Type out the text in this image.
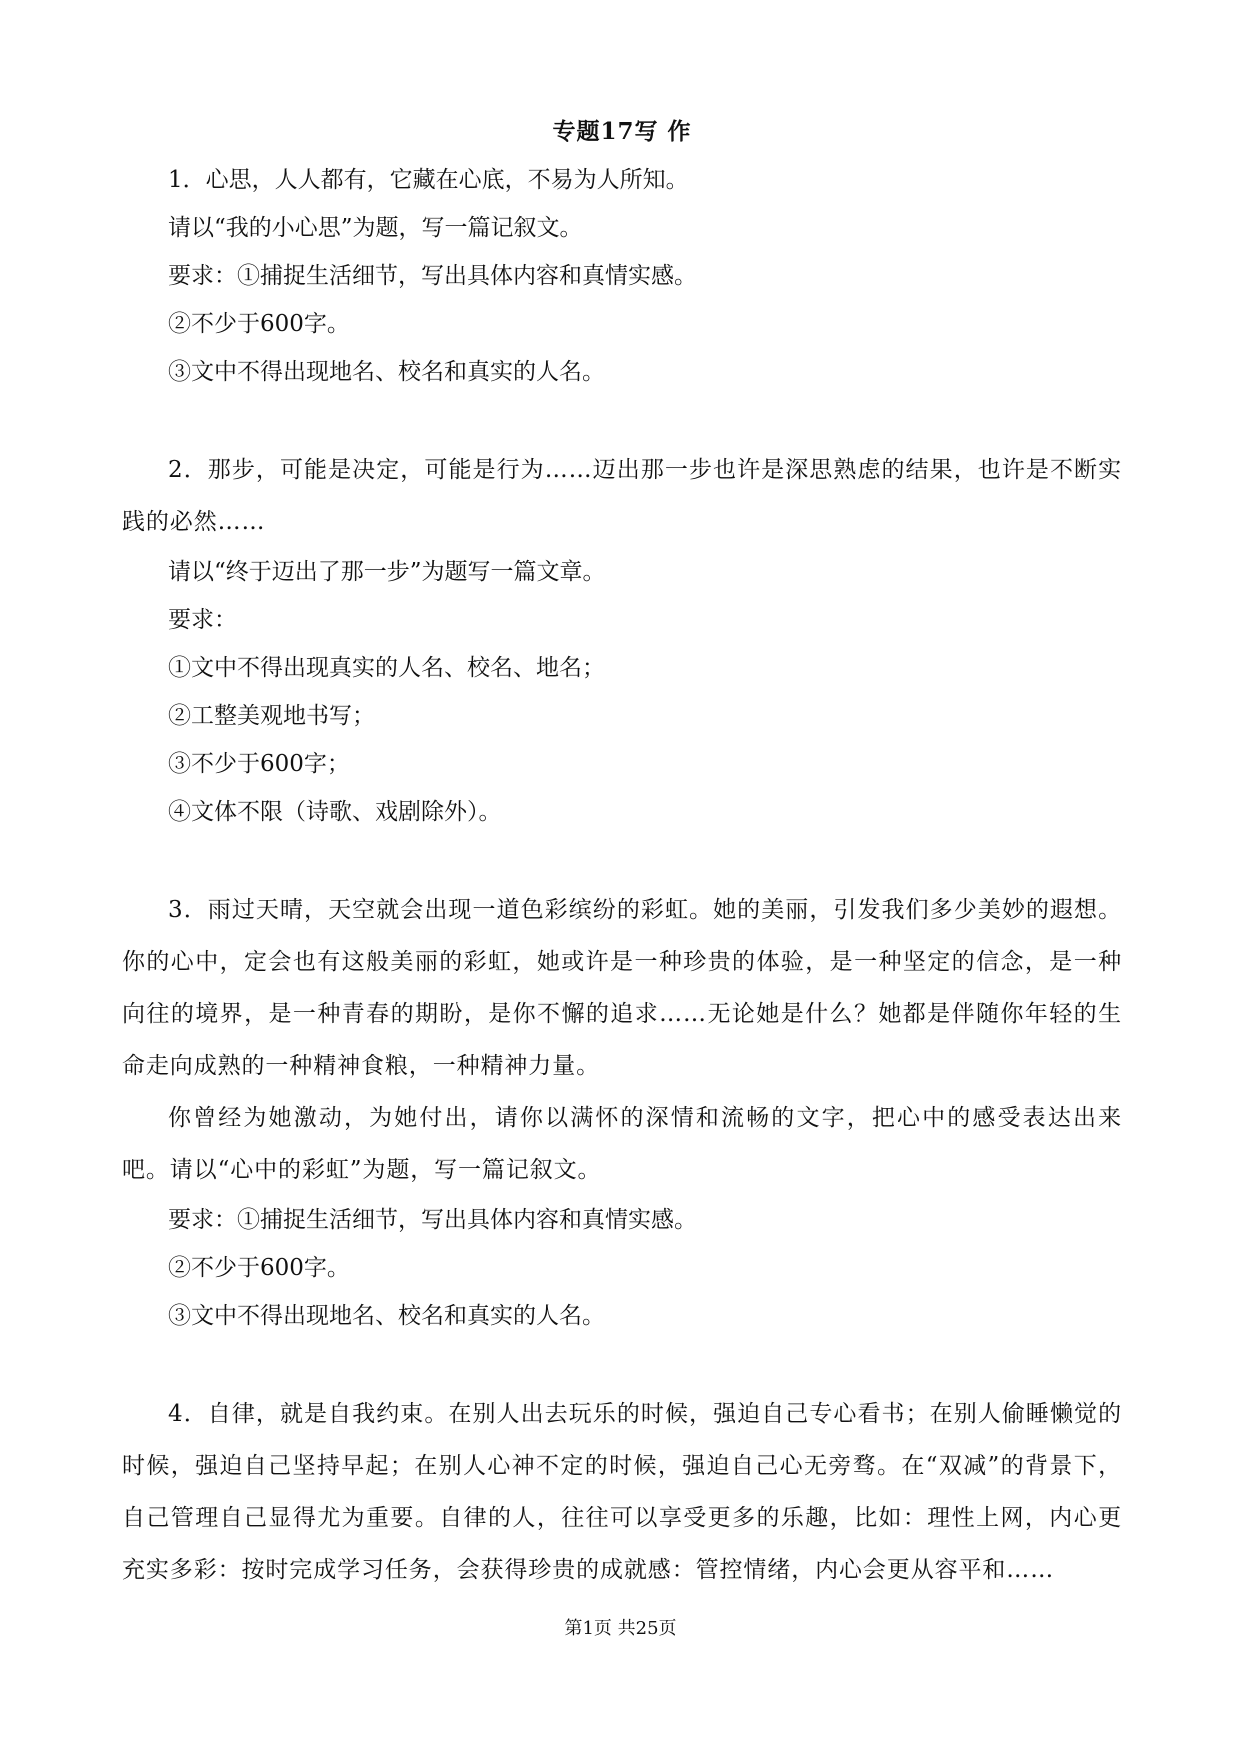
专题17写 作

1．心思，人人都有，它藏在心底，不易为人所知。

请以“我的小心思”为题，写一篇记叙文。

要求：①捕捉生活细节，写出具体内容和真情实感。

②不少于600字。

③文中不得出现地名、校名和真实的人名。

2．那步，可能是决定，可能是行为……迈出那一步也许是深思熟虑的结果，也许是不断实践的必然……

请以“终于迈出了那一步”为题写一篇文章。

要求：

①文中不得出现真实的人名、校名、地名；

②工整美观地书写；

③不少于600字；

④文体不限（诗歌、戏剧除外）。

3．雨过天晴，天空就会出现一道色彩缤纷的彩虹。她的美丽，引发我们多少美妙的遐想。你的心中，定会也有这般美丽的彩虹，她或许是一种珍贵的体验，是一种坚定的信念，是一种向往的境界，是一种青春的期盼，是你不懈的追求……无论她是什么？她都是伴随你年轻的生命走向成熟的一种精神食粮，一种精神力量。

你曾经为她激动，为她付出，请你以满怀的深情和流畅的文字，把心中的感受表达出来吧。请以“心中的彩虹”为题，写一篇记叙文。

要求：①捕捉生活细节，写出具体内容和真情实感。

②不少于600字。

③文中不得出现地名、校名和真实的人名。

4．自律，就是自我约束。在别人出去玩乐的时候，强迫自己专心看书；在别人偷睡懒觉的时候，强迫自己坚持早起；在别人心神不定的时候，强迫自己心无旁骛。在“双减”的背景下，自己管理自己显得尤为重要。自律的人，往往可以享受更多的乐趣，比如：理性上网，内心更充实多彩：按时完成学习任务，会获得珍贵的成就感：管控情绪，内心会更从容平和……

第1页 共25页
